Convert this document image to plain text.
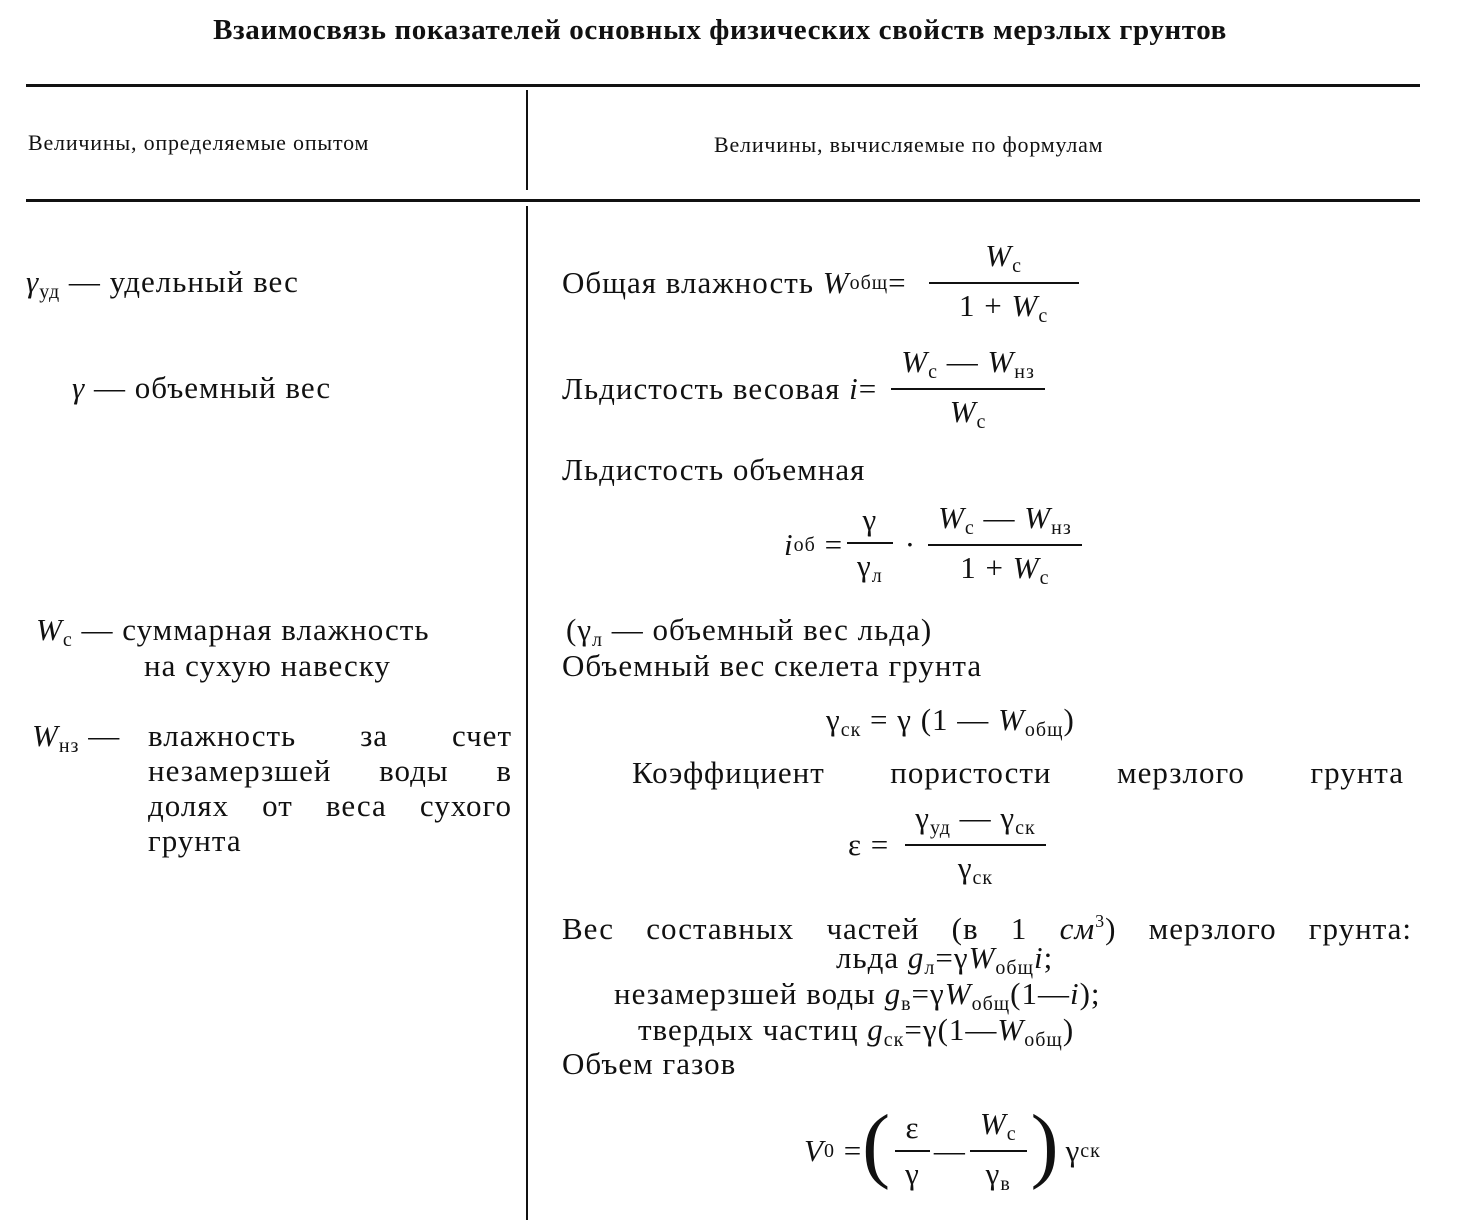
Взаимосвязь показателей основных физических свойств мерзлых грунтов
Величины, определяемые опытом	Величины, вычисляемые по формулам
$\gamma_{уд}$ — удельный вес
γ — объемный вес
$W_с$ — суммарная влажность
на сухую навеску
$W_{нз}$ — влажность за счет
незамерзшей воды в
долях от веса сухого
грунта
Общая влажность
W общ = $\frac{W_с}{1 + W_с}$
Льдистость весовая
$i = \frac{W_с — W_{нз}}{W_с}$
Льдистость объемная
i об
= $\frac{\gamma}{\gamma_л} \cdot \frac{W_с — W_{нз}}{1 + W_с}$
($\gamma_л$ — объемный вес льда)
Объемный вес скелета грунта
$\gamma_{ск} = \gamma$ (1 — $W_{общ}$)
Коэффициент пористости мерзлого грунта
ε
= $\frac{\gamma_{уд} — \gamma_{ск}}{\gamma_{ск}}$
Вес составных частей (в 1 $см^3$) мерзлого грунта:
льда $g_л=\gamma W_{общ}i$;
незамерзшей воды $g_в=\gamma W_{общ}(1—i)$;
твердых частиц $g_{ск}=\gamma(1—W_{общ})$
Объем газов
V 0
= ( $\frac{\varepsilon}{\gamma}$ — $\frac{W_с}{\gamma_в}$ ) γ ск
